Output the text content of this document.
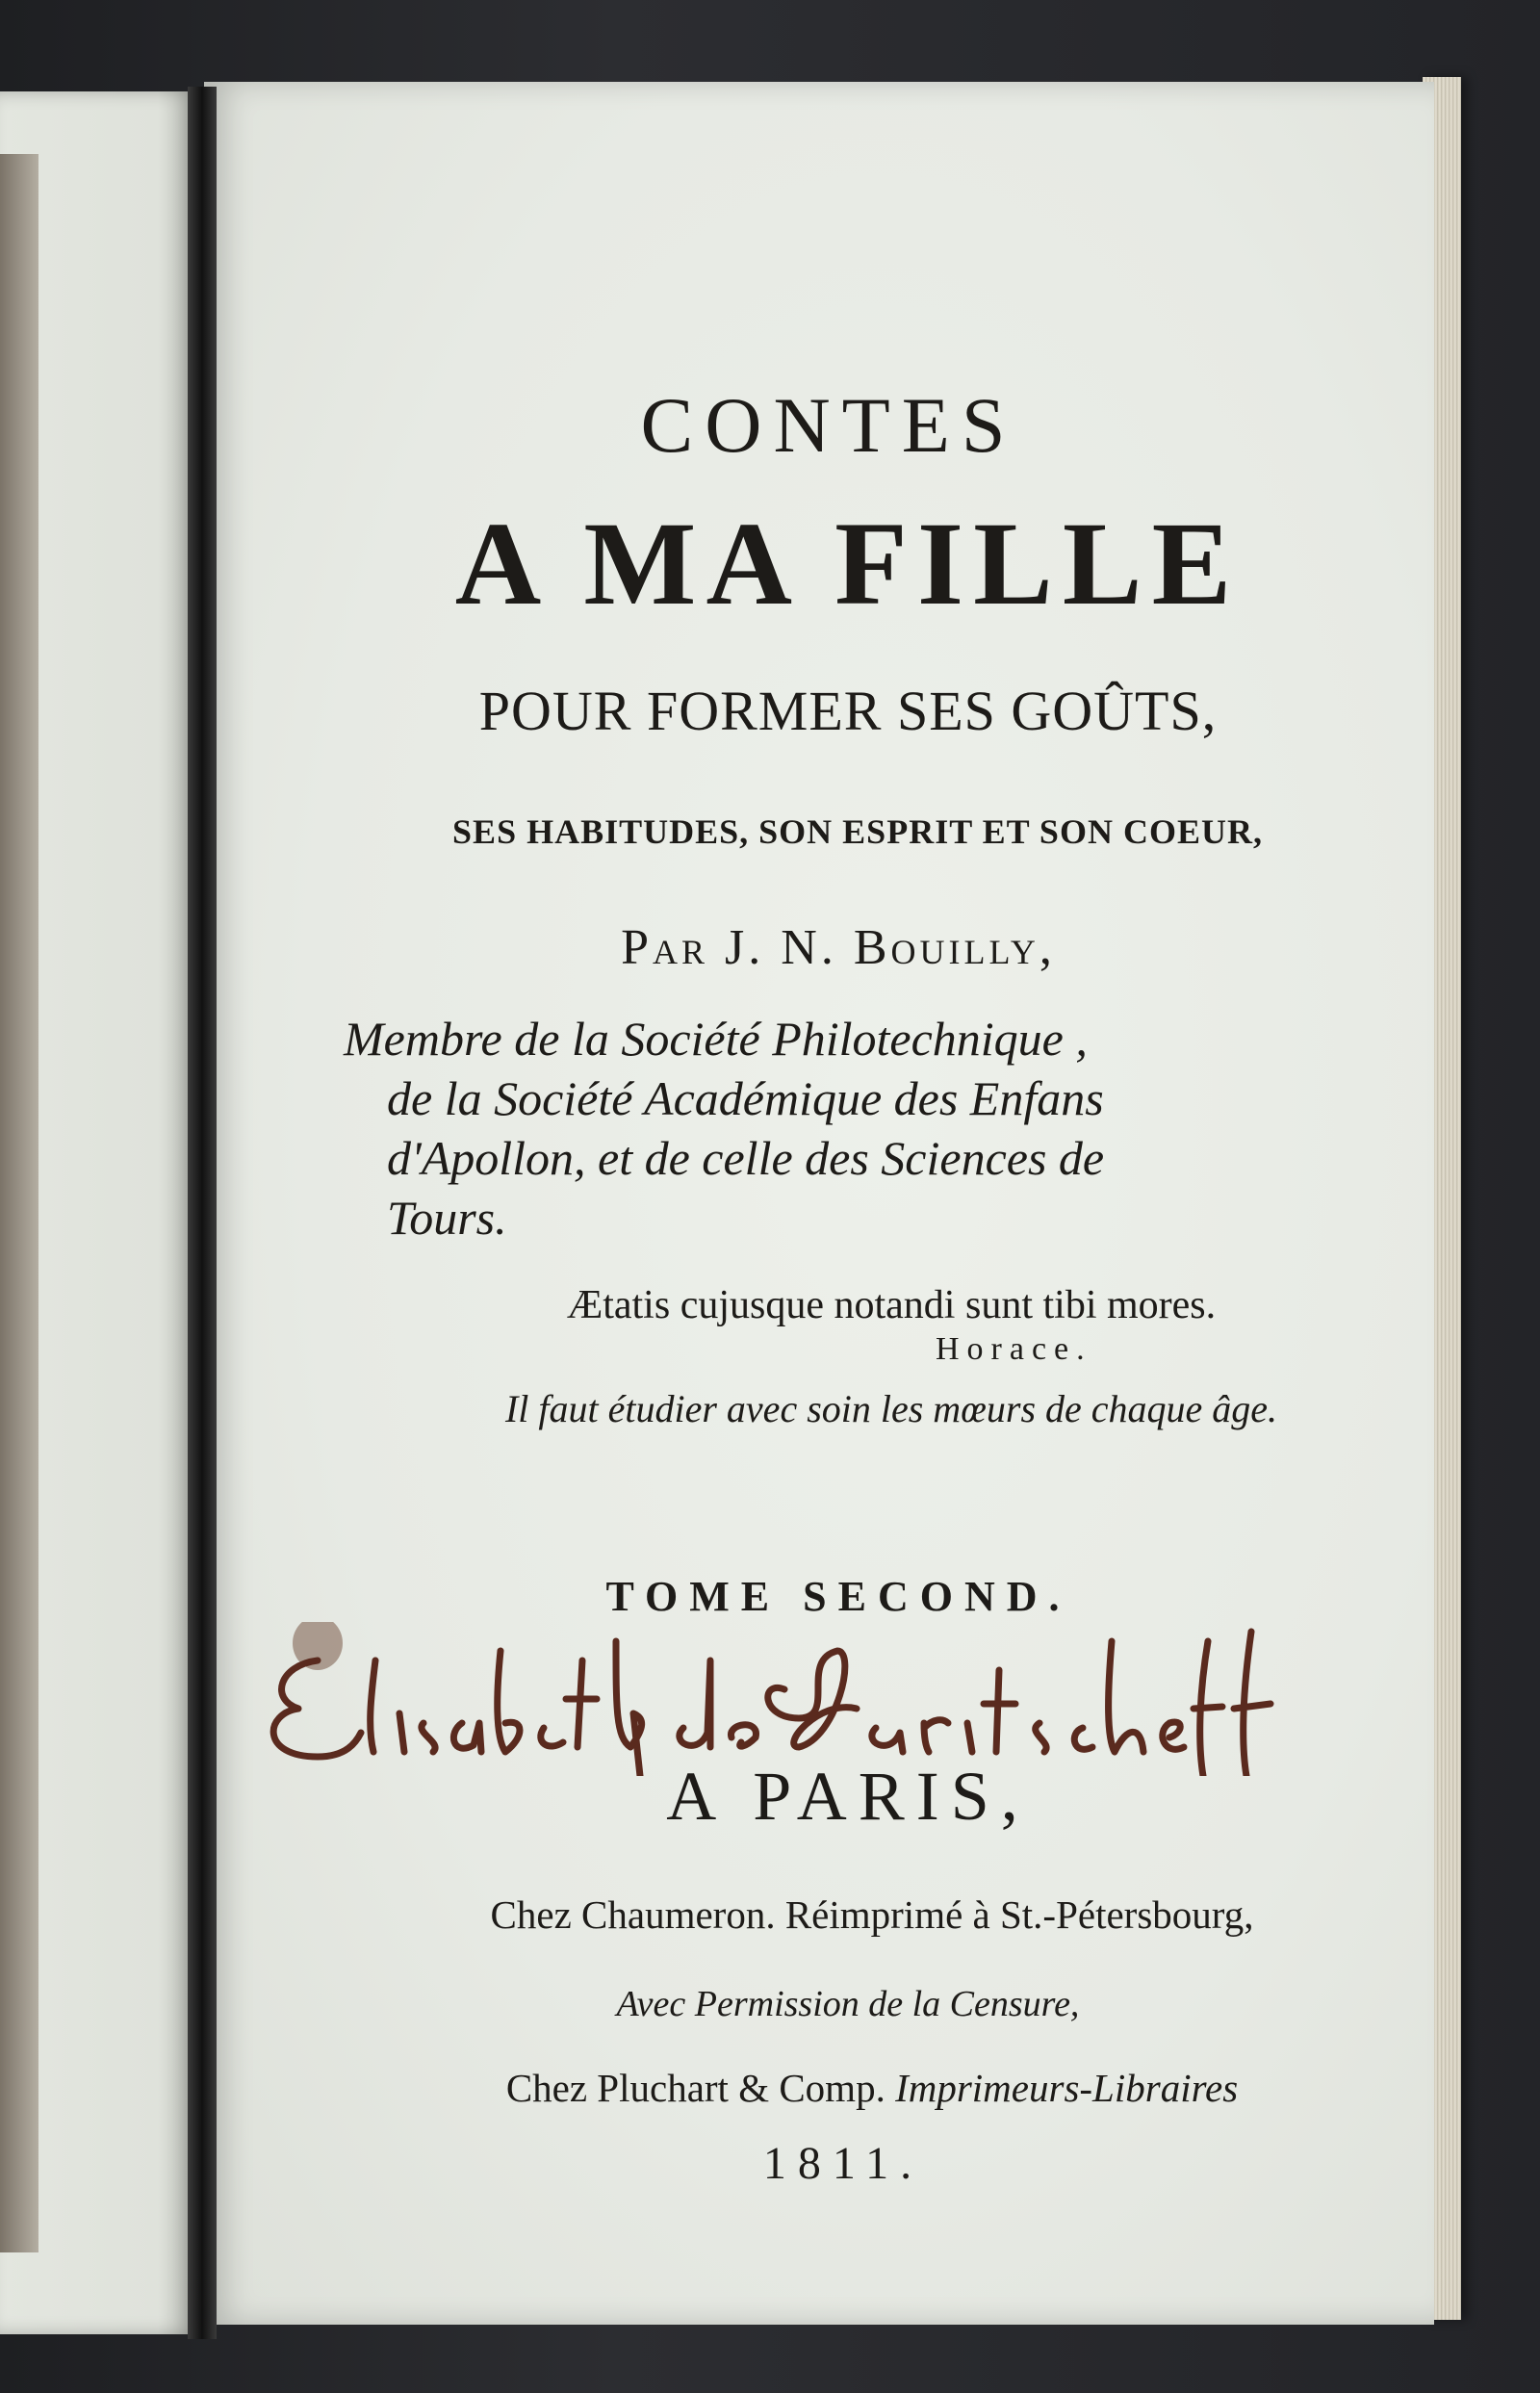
CONTES
A MA FILLE
POUR FORMER SES GOÛTS,
SES HABITUDES, SON ESPRIT ET SON COEUR,
Par J. N. Bouilly,
Membre de la Société Philotechnique ,
de la Société Académique des Enfans
d'Apollon, et de celle des Sciences de
Tours.
Ætatis cujusque notandi sunt tibi mores.
Horace.
Il faut étudier avec soin les mœurs de chaque âge.
TOME SECOND.
A PARIS,
Chez Chaumeron. Réimprimé à St.-Pétersbourg,
Avec Permission de la Censure,
Chez Pluchart & Comp. Imprimeurs-Libraires
1811.
